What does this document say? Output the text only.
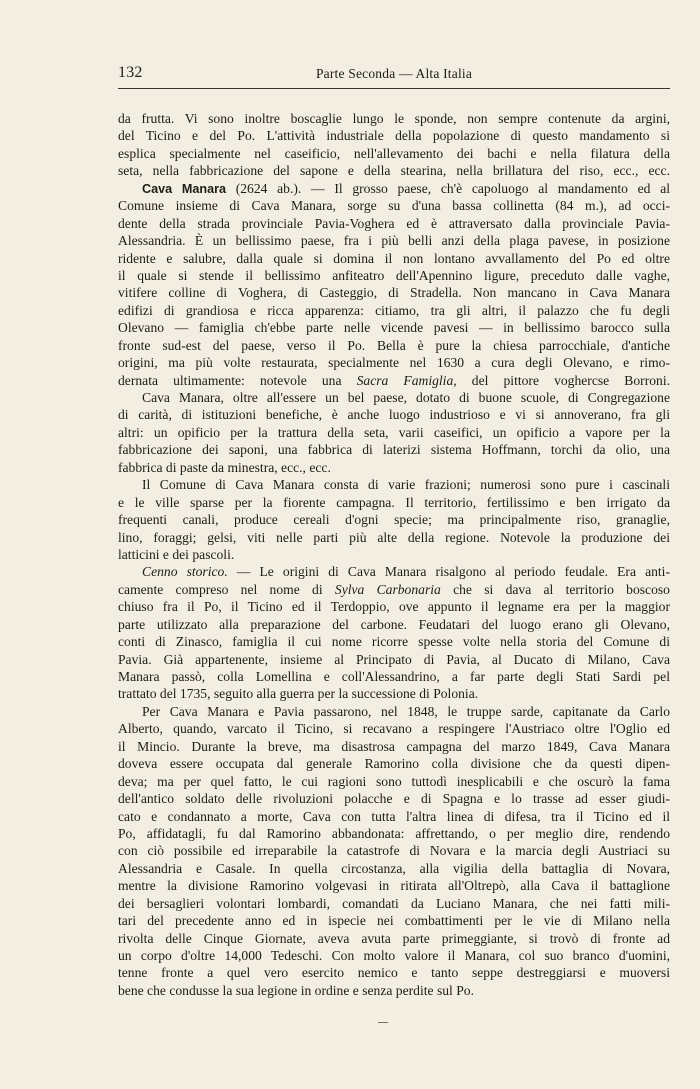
132	Parte Seconda — Alta Italia
da frutta. Vi sono inoltre boscaglie lungo le sponde, non sempre contenute da argini,
del Ticino e del Po. L'attività industriale della popolazione di questo mandamento si
esplica specialmente nel caseificio, nell'allevamento dei bachi e nella filatura della
seta, nella fabbricazione del sapone e della stearina, nella brillatura del riso, ecc., ecc.
Cava Manara (2624 ab.). — Il grosso paese, ch'è capoluogo al mandamento ed al
Comune insieme di Cava Manara, sorge su d'una bassa collinetta (84 m.), ad occi-
dente della strada provinciale Pavia-Voghera ed è attraversato dalla provinciale Pavia-
Alessandria. È un bellissimo paese, fra i più belli anzi della plaga pavese, in posizione
ridente e salubre, dalla quale si domina il non lontano avvallamento del Po ed oltre
il quale si stende il bellissimo anfiteatro dell'Apennino ligure, preceduto dalle vaghe,
vitifere colline di Voghera, di Casteggio, di Stradella. Non mancano in Cava Manara
edifizi di grandiosa e ricca apparenza: citiamo, tra gli altri, il palazzo che fu degli
Olevano — famiglia ch'ebbe parte nelle vicende pavesi — in bellissimo barocco sulla
fronte sud-est del paese, verso il Po. Bella è pure la chiesa parrocchiale, d'antiche
origini, ma più volte restaurata, specialmente nel 1630 a cura degli Olevano, e rimo-
dernata ultimamente: notevole una Sacra Famiglia, del pittore voghercse Borroni.
Cava Manara, oltre all'essere un bel paese, dotato di buone scuole, di Congregazione
di carità, di istituzioni benefiche, è anche luogo industrioso e vi si annoverano, fra gli
altri: un opificio per la trattura della seta, varii caseifici, un opificio a vapore per la
fabbricazione dei saponi, una fabbrica di laterizi sistema Hoffmann, torchi da olio, una
fabbrica di paste da minestra, ecc., ecc.
Il Comune di Cava Manara consta di varie frazioni; numerosi sono pure i cascinali
e le ville sparse per la fiorente campagna. Il territorio, fertilissimo e ben irrigato da
frequenti canali, produce cereali d'ogni specie; ma principalmente riso, granaglie,
lino, foraggi; gelsi, viti nelle parti più alte della regione. Notevole la produzione dei
latticini e dei pascoli.
Cenno storico. — Le origini di Cava Manara risalgono al periodo feudale. Era anti-
camente compreso nel nome di Sylva Carbonaria che si dava al territorio boscoso
chiuso fra il Po, il Ticino ed il Terdoppio, ove appunto il legname era per la maggior
parte utilizzato alla preparazione del carbone. Feudatari del luogo erano gli Olevano,
conti di Zinasco, famiglia il cui nome ricorre spesse volte nella storia del Comune di
Pavia. Già appartenente, insieme al Principato di Pavia, al Ducato di Milano, Cava
Manara passò, colla Lomellina e coll'Alessandrino, a far parte degli Stati Sardi pel
trattato del 1735, seguito alla guerra per la successione di Polonia.
Per Cava Manara e Pavia passarono, nel 1848, le truppe sarde, capitanate da Carlo
Alberto, quando, varcato il Ticino, si recavano a respingere l'Austriaco oltre l'Oglio ed
il Mincio. Durante la breve, ma disastrosa campagna del marzo 1849, Cava Manara
doveva essere occupata dal generale Ramorino colla divisione che da questi dipen-
deva; ma per quel fatto, le cui ragioni sono tuttodì inesplicabili e che oscurò la fama
dell'antico soldato delle rivoluzioni polacche e di Spagna e lo trasse ad esser giudi-
cato e condannato a morte, Cava con tutta l'altra linea di difesa, tra il Ticino ed il
Po, affidatagli, fu dal Ramorino abbandonata: affrettando, o per meglio dire, rendendo
con ciò possibile ed irreparabile la catastrofe di Novara e la marcia degli Austriaci su
Alessandria e Casale. In quella circostanza, alla vigilia della battaglia di Novara,
mentre la divisione Ramorino volgevasi in ritirata all'Oltrepò, alla Cava il battaglione
dei bersaglieri volontari lombardi, comandati da Luciano Manara, che nei fatti mili-
tari del precedente anno ed in ispecie nei combattimenti per le vie di Milano nella
rivolta delle Cinque Giornate, aveva avuta parte primeggiante, si trovò di fronte ad
un corpo d'oltre 14,000 Tedeschi. Con molto valore il Manara, col suo branco d'uomini,
tenne fronte a quel vero esercito nemico e tanto seppe destreggiarsi e muoversi
bene che condusse la sua legione in ordine e senza perdite sul Po.
